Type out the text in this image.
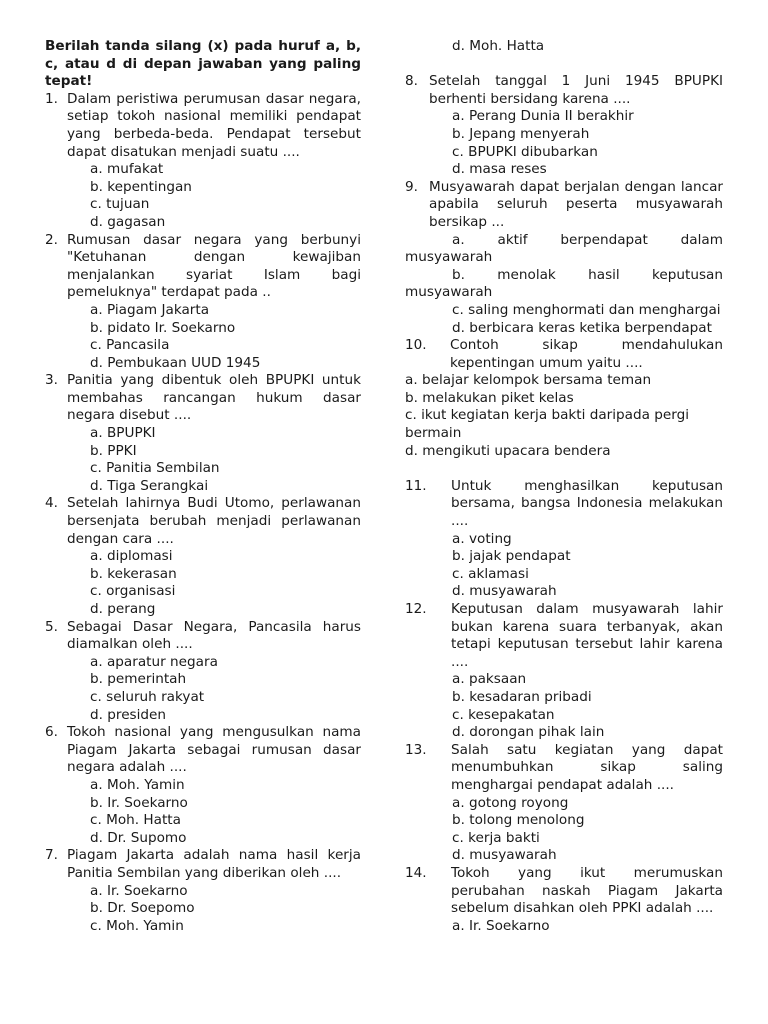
Berilah tanda silang (x) pada huruf a, b, c, atau d di depan jawaban yang paling tepat!

1. Dalam peristiwa perumusan dasar negara, setiap tokoh nasional memiliki pendapat yang berbeda-beda. Pendapat tersebut dapat disatukan menjadi suatu ....
a. mufakat
b. kepentingan
c. tujuan
d. gagasan
2. Rumusan dasar negara yang berbunyi "Ketuhanan dengan kewajiban menjalankan syariat Islam bagi pemeluknya" terdapat pada ..
a. Piagam Jakarta
b. pidato Ir. Soekarno
c. Pancasila
d. Pembukaan UUD 1945
3. Panitia yang dibentuk oleh BPUPKI untuk membahas rancangan hukum dasar negara disebut ....
a. BPUPKI
b. PPKI
c. Panitia Sembilan
d. Tiga Serangkai
4. Setelah lahirnya Budi Utomo, perlawanan bersenjata berubah menjadi perlawanan dengan cara ....
a. diplomasi
b. kekerasan
c. organisasi
d. perang
5. Sebagai Dasar Negara, Pancasila harus diamalkan oleh ....
a. aparatur negara
b. pemerintah
c. seluruh rakyat
d. presiden
6. Tokoh nasional yang mengusulkan nama Piagam Jakarta sebagai rumusan dasar negara adalah ....
a. Moh. Yamin
b. Ir. Soekarno
c. Moh. Hatta
d. Dr. Supomo
7. Piagam Jakarta adalah nama hasil kerja Panitia Sembilan yang diberikan oleh ....
a. Ir. Soekarno
b. Dr. Soepomo
c. Moh. Yamin
d. Moh. Hatta
8. Setelah tanggal 1 Juni 1945 BPUPKI berhenti bersidang karena ....
a. Perang Dunia II berakhir
b. Jepang menyerah
c. BPUPKI dibubarkan
d. masa reses
9. Musyawarah dapat berjalan dengan lancar apabila seluruh peserta musyawarah bersikap ...

a. aktif berpendapat dalam musyawarah

b. menolak hasil keputusan musyawarah

c. saling menghormati dan menghargai

d. berbicara keras ketika berpendapat

10.	Contoh sikap mendahulukan kepentingan umum yaitu ....
a. belajar kelompok bersama teman
b. melakukan piket kelas
c. ikut kegiatan kerja bakti daripada pergi bermain
d. mengikuti upacara bendera
11.	Untuk menghasilkan keputusan bersama, bangsa Indonesia melakukan ....
a. voting
b. jajak pendapat
c. aklamasi
d. musyawarah
12.	Keputusan dalam musyawarah lahir bukan karena suara terbanyak, akan tetapi keputusan tersebut lahir karena ....
a. paksaan
b. kesadaran pribadi
c. kesepakatan
d. dorongan pihak lain
13.	Salah satu kegiatan yang dapat menumbuhkan sikap saling menghargai pendapat adalah ....
a. gotong royong
b. tolong menolong
c. kerja bakti
d. musyawarah
14.	Tokoh yang ikut merumuskan perubahan naskah Piagam Jakarta sebelum disahkan oleh PPKI adalah ....
a. Ir. Soekarno
